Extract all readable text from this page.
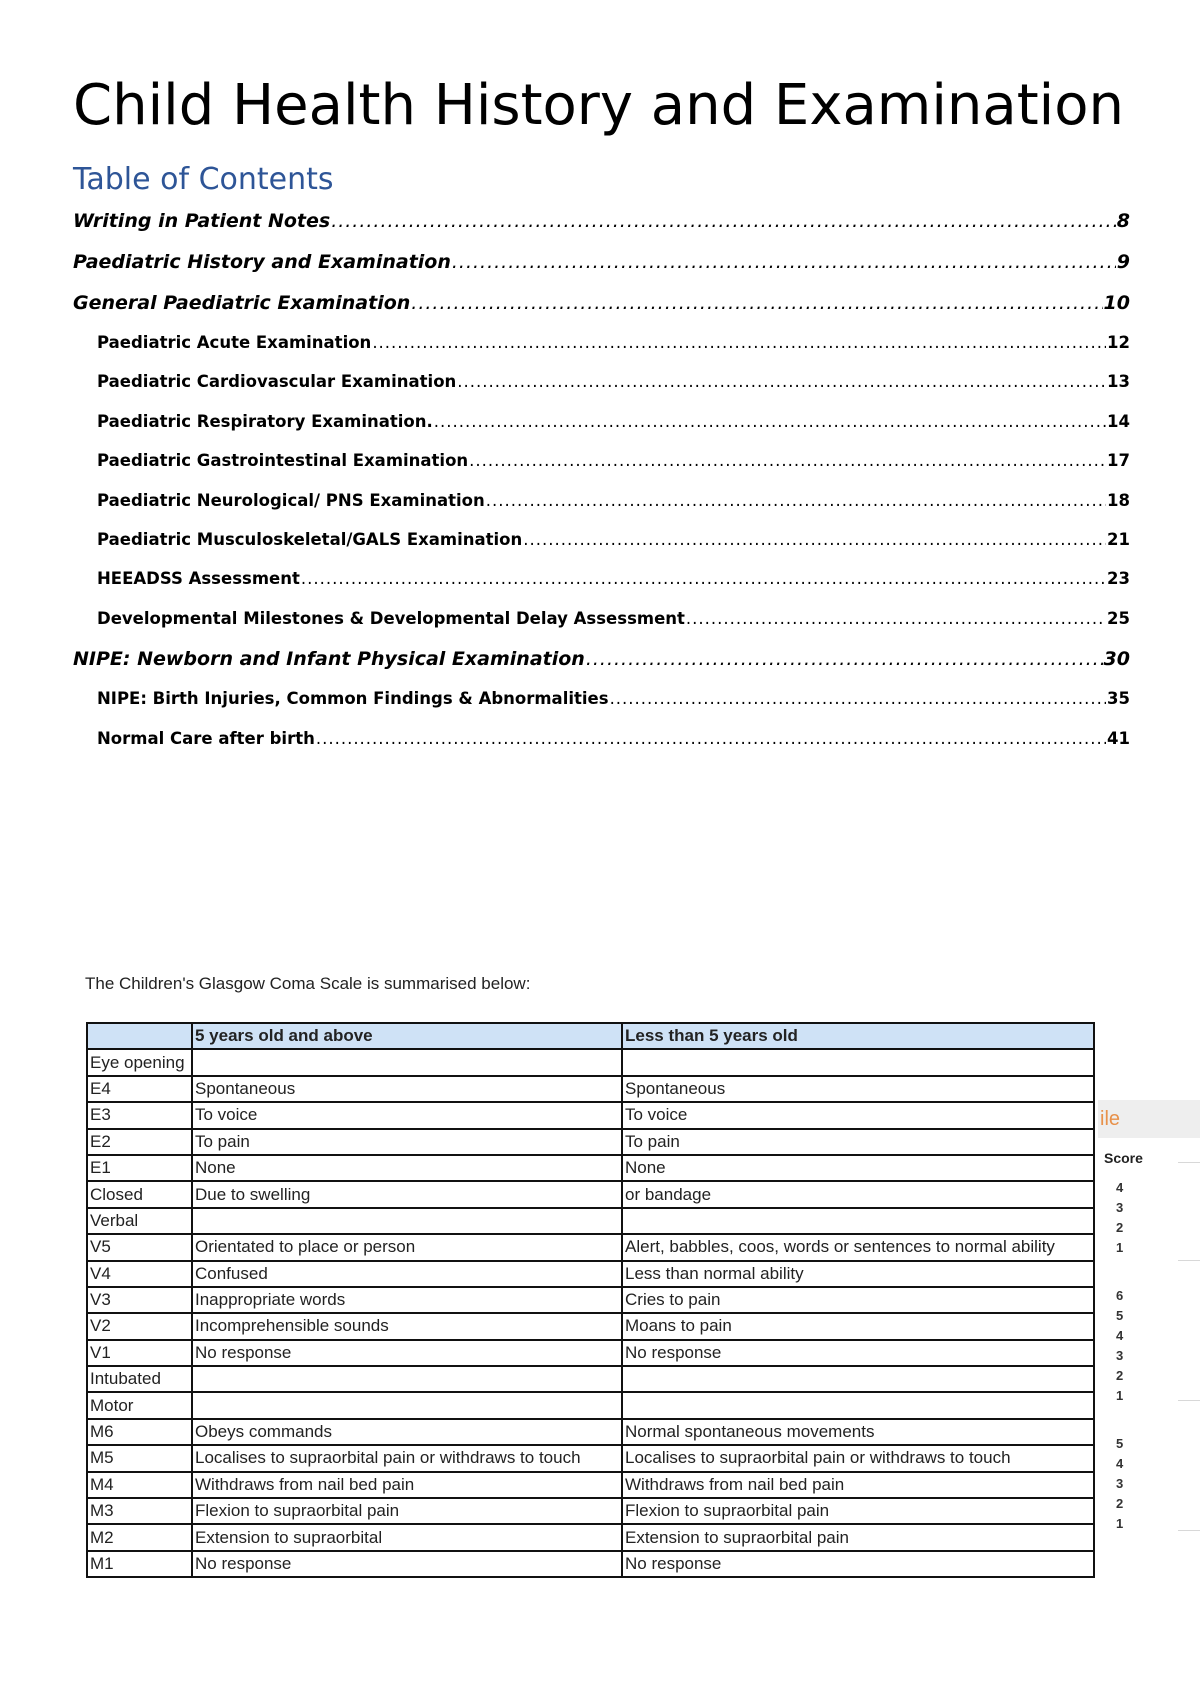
Child Health History and Examination
Table of Contents
Writing in Patient Notes .....	8
Paediatric History and Examination .....	9
General Paediatric Examination .....	10
Paediatric Acute Examination .....	12
Paediatric Cardiovascular Examination .....	13
Paediatric Respiratory Examination. .....	14
Paediatric Gastrointestinal Examination .....	17
Paediatric Neurological/ PNS Examination .....	18
Paediatric Musculoskeletal/GALS Examination .....	21
HEEADSS Assessment .....	23
Developmental Milestones & Developmental Delay Assessment .....	25
NIPE: Newborn and Infant Physical Examination .....	30
NIPE: Birth Injuries, Common Findings & Abnormalities .....	35
Normal Care after birth .....	41
The Children's Glasgow Coma Scale is summarised below:
	5 years old and above	Less than 5 years old
Eye opening		
E4	Spontaneous	Spontaneous
E3	To voice	To voice
E2	To pain	To pain
E1	None	None
Closed	Due to swelling	or bandage
Verbal		
V5	Orientated to place or person	Alert, babbles, coos, words or sentences to normal ability
V4	Confused	Less than normal ability
V3	Inappropriate words	Cries to pain
V2	Incomprehensible sounds	Moans to pain
V1	No response	No response
Intubated		
Motor		
M6	Obeys commands	Normal spontaneous movements
M5	Localises to supraorbital pain or withdraws to touch	Localises to supraorbital pain or withdraws to touch
M4	Withdraws from nail bed pain	Withdraws from nail bed pain
M3	Flexion to supraorbital pain	Flexion to supraorbital pain
M2	Extension to supraorbital	Extension to supraorbital pain
M1	No response	No response
ile
Score
4
3
2
1
6
5
4
3
2
1
5
4
3
2
1
